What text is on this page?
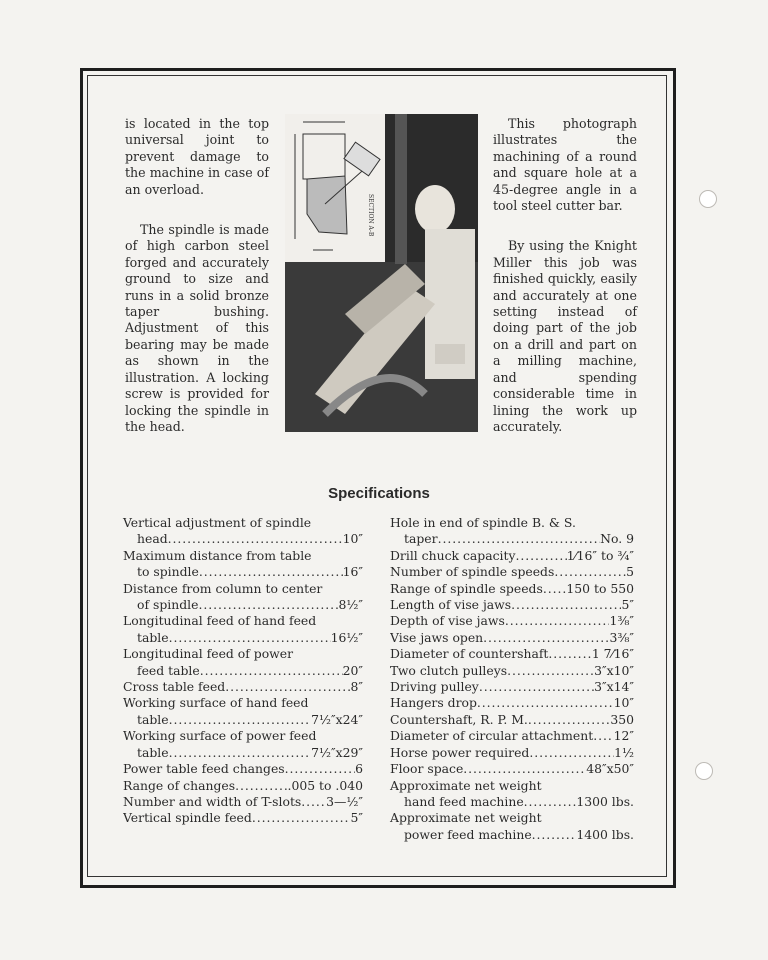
is located in the top universal joint to prevent damage to the machine in case of an overload.

The spindle is made of high carbon steel forged and accurately ground to size and runs in a solid bronze taper bushing. Adjustment of this bearing may be made as shown in the illustration. A locking screw is provided for locking the spindle in the head.

SECTION A-B

This photograph illustrates the machining of a round and square hole at a 45-degree angle in a tool steel cutter bar.

By using the Knight Miller this job was finished quickly, easily and accurately at one setting instead of doing part of the job on a drill and part on a milling machine, and spending considerable time in lining the work up accurately.

Specifications
Vertical adjustment of spindle
head . . .	10″
Maximum distance from table
to spindle . . .	16″
Distance from column to center
of spindle . . .	8½″
Longitudinal feed of hand feed
table . . .	16½″
Longitudinal feed of power
feed table . . .	20″
Cross table feed . . .	8″
Working surface of hand feed
table . . .	7½″x24″
Working surface of power feed
table . . .	7½″x29″
Power table feed changes . . .	6
Range of changes . . .	.005 to .040
Number and width of T-slots . . . 3—½″
Vertical spindle feed . . .	5″
Hole in end of spindle B. & S.
taper . . .	No. 9
Drill chuck capacity . . .	1⁄16″ to ¾″
Number of spindle speeds . . .	5
Range of spindle speeds . . . 150 to 550
Length of vise jaws . . .	5″
Depth of vise jaws . . .	1⅜″
Vise jaws open . . .	3⅜″
Diameter of countershaft . . .	1 7⁄16″
Two clutch pulleys . . .	3″x10″
Driving pulley . . .	3″x14″
Hangers drop . . .	10″
Countershaft, R. P. M. . . .	350
Diameter of circular attachment . . . 12″
Horse power required . . .	1½
Floor space . . .	48″x50″
Approximate net weight
hand feed machine . . .	1300 lbs.
Approximate net weight
power feed machine . . .	1400 lbs.
